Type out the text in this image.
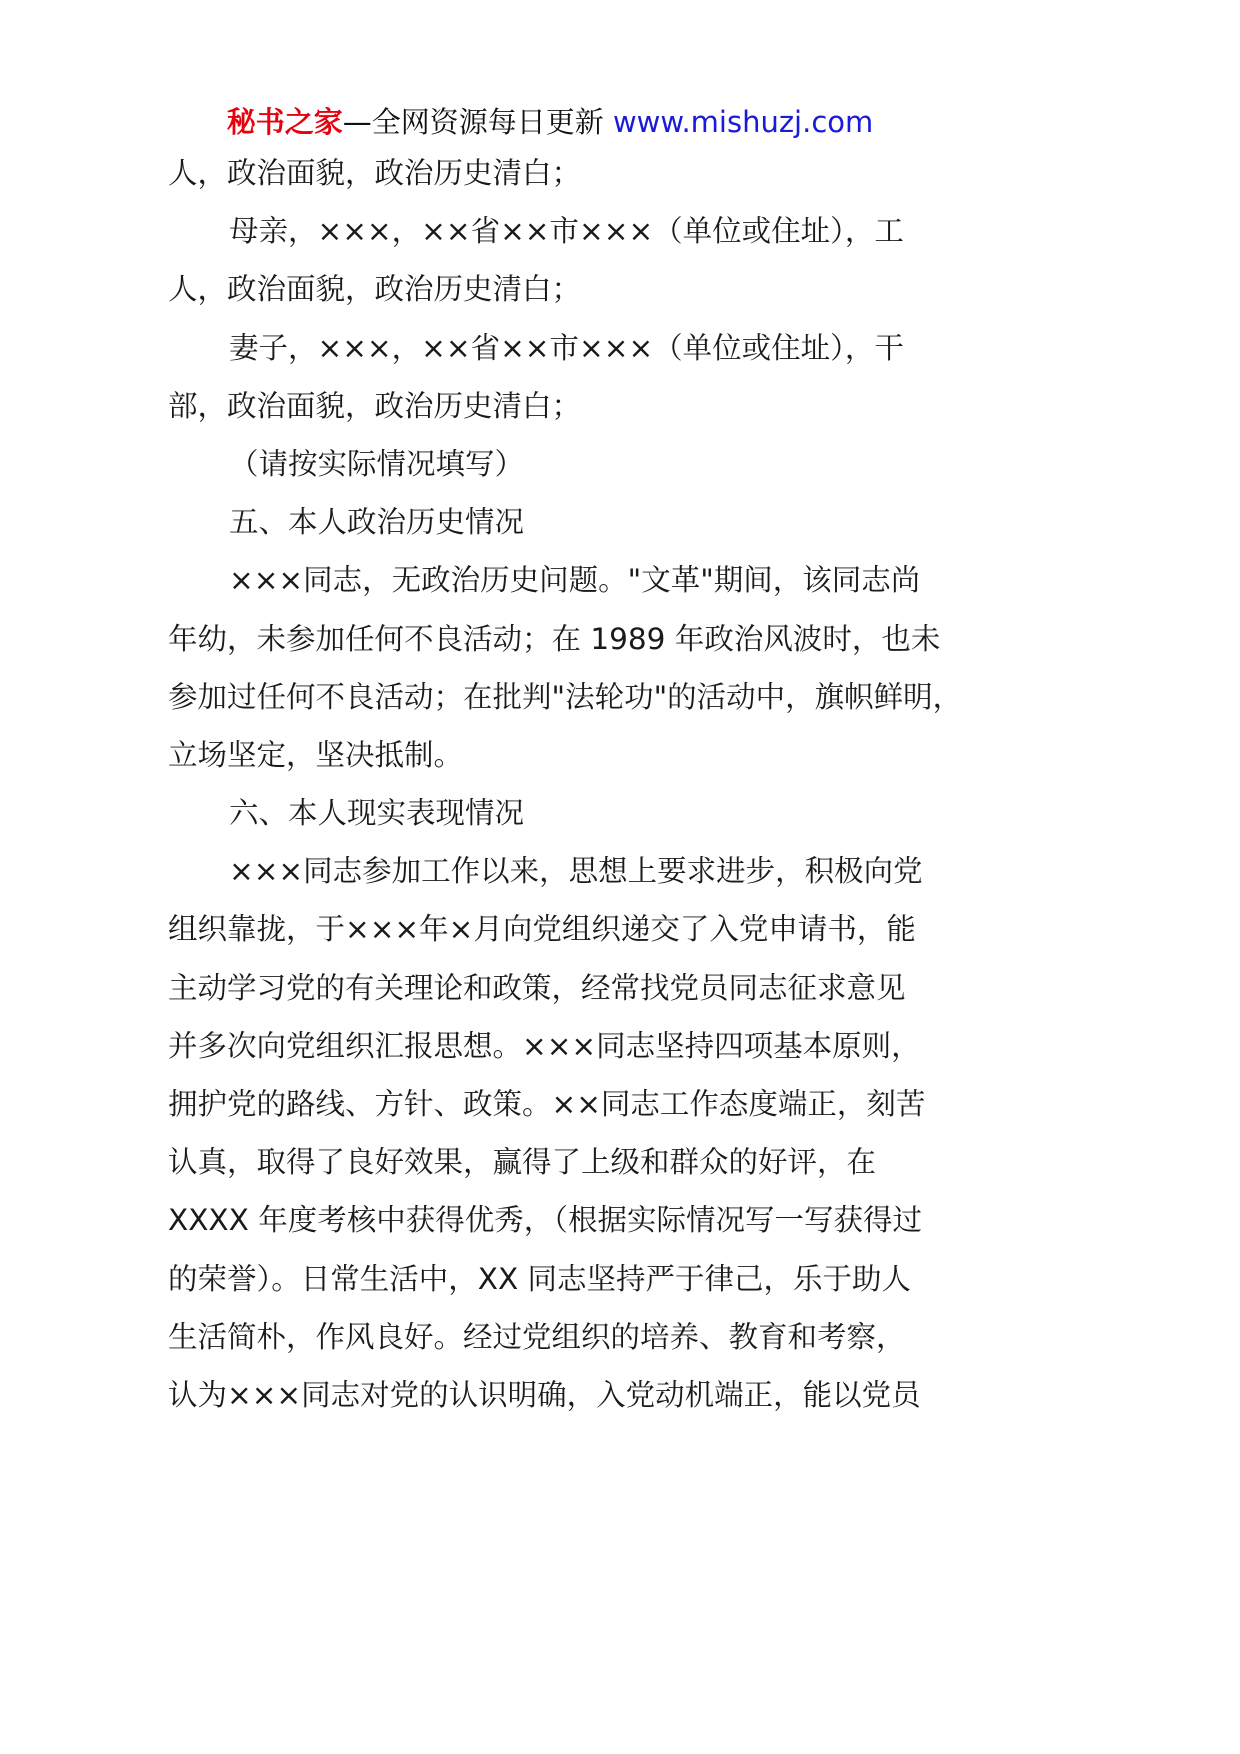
秘书之家—全网资源每日更新 www.mishuzj.com
人，政治面貌，政治历史清白；
母亲，×××，××省××市×××（单位或住址），工
人，政治面貌，政治历史清白；
妻子，×××，××省××市×××（单位或住址），干
部，政治面貌，政治历史清白；
（请按实际情况填写）
五、本人政治历史情况
×××同志，无政治历史问题。"文革"期间，该同志尚
年幼，未参加任何不良活动；在 1989 年政治风波时，也未
参加过任何不良活动；在批判"法轮功"的活动中，旗帜鲜明，
立场坚定，坚决抵制。
六、本人现实表现情况
×××同志参加工作以来，思想上要求进步，积极向党
组织靠拢，于×××年×月向党组织递交了入党申请书，能
主动学习党的有关理论和政策，经常找党员同志征求意见
并多次向党组织汇报思想。×××同志坚持四项基本原则，
拥护党的路线、方针、政策。××同志工作态度端正，刻苦
认真，取得了良好效果，赢得了上级和群众的好评，在
XXXX 年度考核中获得优秀，（根据实际情况写一写获得过
的荣誉）。日常生活中，XX 同志坚持严于律己，乐于助人
生活简朴，作风良好。经过党组织的培养、教育和考察，
认为×××同志对党的认识明确，入党动机端正，能以党员
